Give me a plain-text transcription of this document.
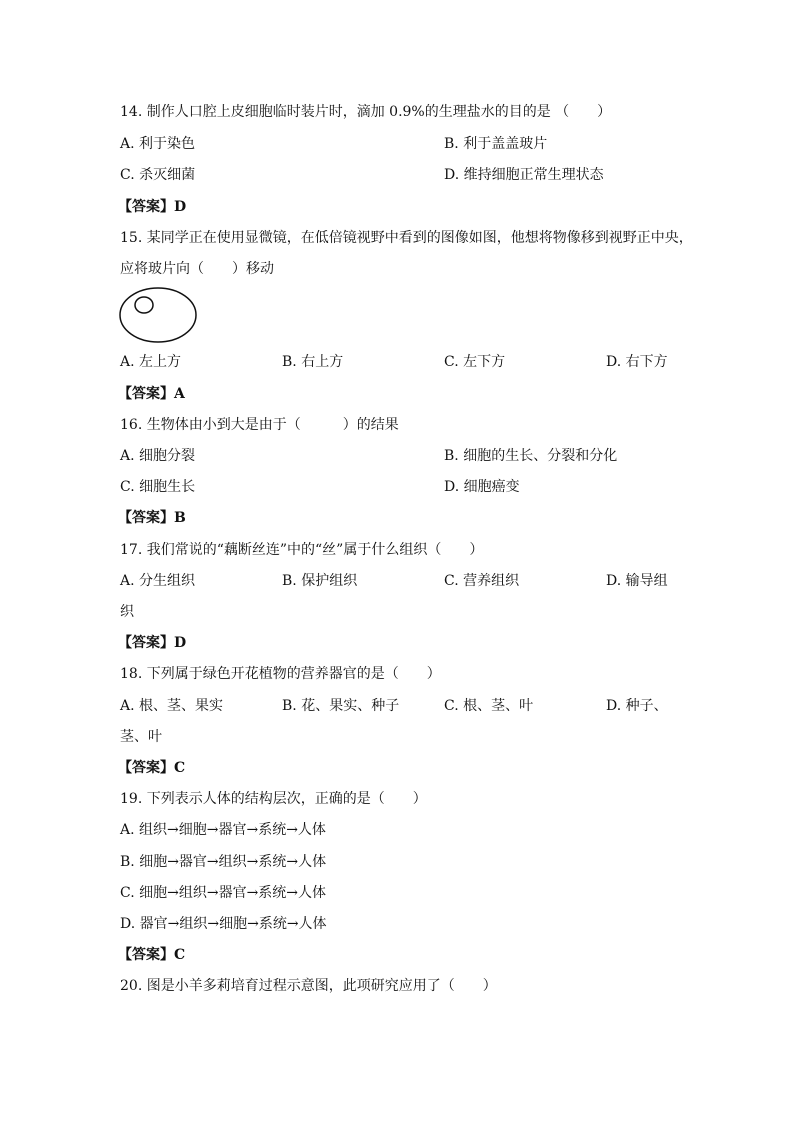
14. 制作人口腔上皮细胞临时装片时，滴加 0.9%的生理盐水的目的是 （　　）
A. 利于染色	B. 利于盖盖玻片
C. 杀灭细菌	D. 维持细胞正常生理状态
【答案】D
15. 某同学正在使用显微镜，在低倍镜视野中看到的图像如图，他想将物像移到视野正中央，
应将玻片向（　　）移动
A. 左上方	B. 右上方	C. 左下方	D. 右下方
【答案】A
16. 生物体由小到大是由于（　　　）的结果
A. 细胞分裂	B. 细胞的生长、分裂和分化
C. 细胞生长	D. 细胞癌变
【答案】B
17. 我们常说的“藕断丝连”中的“丝”属于什么组织（　　）
A. 分生组织	B. 保护组织	C. 营养组织	D. 输导组
织
【答案】D
18. 下列属于绿色开花植物的营养器官的是（　　）
A. 根、茎、果实	B. 花、果实、种子	C. 根、茎、叶	D. 种子、
茎、叶
【答案】C
19. 下列表示人体的结构层次，正确的是（　　）
A. 组织→细胞→器官→系统→人体
B. 细胞→器官→组织→系统→人体
C. 细胞→组织→器官→系统→人体
D. 器官→组织→细胞→系统→人体
【答案】C
20. 图是小羊多莉培育过程示意图，此项研究应用了（　　）
